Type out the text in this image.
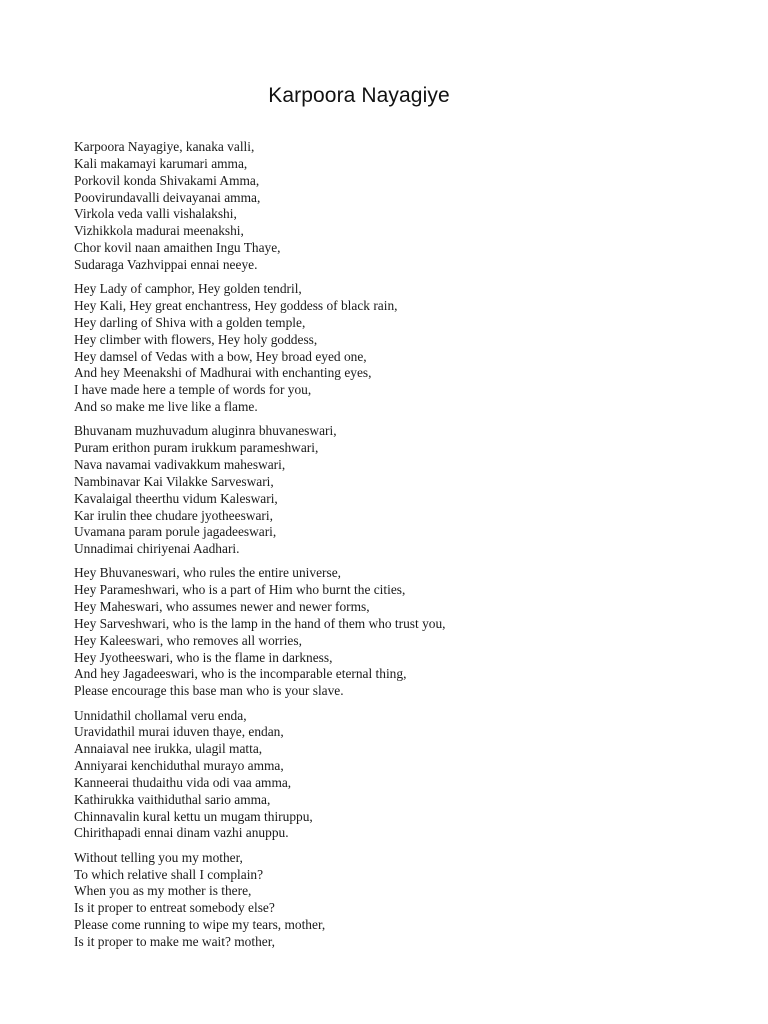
Karpoora Nayagiye
Karpoora Nayagiye, kanaka valli,
Kali makamayi karumari amma,
Porkovil konda Shivakami Amma,
Poovirundavalli deivayanai amma,
Virkola veda valli vishalakshi,
Vizhikkola madurai meenakshi,
Chor kovil naan amaithen Ingu Thaye,
Sudaraga Vazhvippai ennai neeye.
Hey Lady of camphor, Hey golden tendril,
Hey Kali, Hey great enchantress, Hey goddess of black rain,
Hey darling of Shiva with a golden temple,
Hey climber with flowers, Hey holy goddess,
Hey damsel of Vedas with a bow, Hey broad eyed one,
And hey Meenakshi of Madhurai with enchanting eyes,
I have made here a temple of words for you,
And so make me live like a flame.
Bhuvanam muzhuvadum aluginra bhuvaneswari,
Puram erithon puram irukkum parameshwari,
Nava navamai vadivakkum maheswari,
Nambinavar Kai Vilakke Sarveswari,
Kavalaigal theerthu vidum Kaleswari,
Kar irulin thee chudare jyotheeswari,
Uvamana param porule jagadeeswari,
Unnadimai chiriyenai Aadhari.
Hey Bhuvaneswari, who rules the entire universe,
Hey Parameshwari, who is a part of Him who burnt the cities,
Hey Maheswari, who assumes newer and newer forms,
Hey Sarveshwari, who is the lamp in the hand of them who trust you,
Hey Kaleeswari, who removes all worries,
Hey Jyotheeswari, who is the flame in darkness,
And hey Jagadeeswari, who is the incomparable eternal thing,
Please encourage this base man who is your slave.
Unnidathil chollamal veru enda,
Uravidathil murai iduven thaye, endan,
Annaiaval nee irukka, ulagil matta,
Anniyarai kenchiduthal murayo amma,
Kanneerai thudaithu vida odi vaa amma,
Kathirukka vaithiduthal sario amma,
Chinnavalin kural kettu un mugam thiruppu,
Chirithapadi ennai dinam vazhi anuppu.
Without telling you my mother,
To which relative shall I complain?
When you as my mother is there,
Is it proper to entreat somebody else?
Please come running to wipe my tears, mother,
Is it proper to make me wait? mother,
